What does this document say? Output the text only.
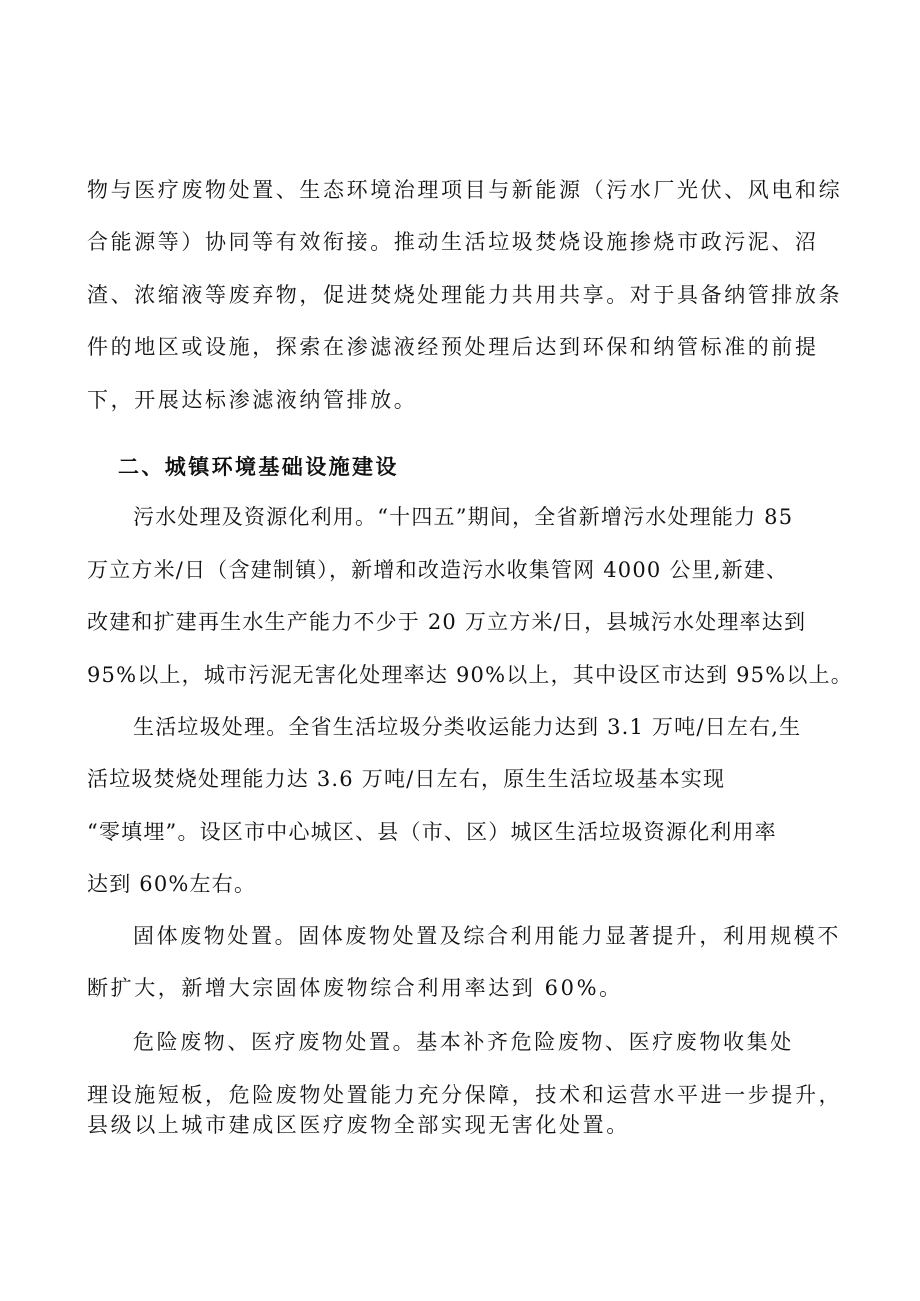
物与医疗废物处置、生态环境治理项目与新能源（污水厂光伏、风电和综
合能源等）协同等有效衔接。推动生活垃圾焚烧设施掺烧市政污泥、沼
渣、浓缩液等废弃物，促进焚烧处理能力共用共享。对于具备纳管排放条
件的地区或设施，探索在渗滤液经预处理后达到环保和纳管标准的前提
下，开展达标渗滤液纳管排放。
二、城镇环境基础设施建设
污水处理及资源化利用。“十四五”期间，全省新增污水处理能力 85
万立方米/日（含建制镇），新增和改造污水收集管网 4000 公里,新建、
改建和扩建再生水生产能力不少于 20 万立方米/日，县城污水处理率达到
95%以上，城市污泥无害化处理率达 90%以上，其中设区市达到 95%以上。
生活垃圾处理。全省生活垃圾分类收运能力达到 3.1 万吨/日左右,生
活垃圾焚烧处理能力达 3.6 万吨/日左右，原生生活垃圾基本实现
“零填埋”。设区市中心城区、县（市、区）城区生活垃圾资源化利用率
达到 60%左右。
固体废物处置。固体废物处置及综合利用能力显著提升，利用规模不
断扩大，新增大宗固体废物综合利用率达到 60%。
危险废物、医疗废物处置。基本补齐危险废物、医疗废物收集处
理设施短板，危险废物处置能力充分保障，技术和运营水平进一步提升，
县级以上城市建成区医疗废物全部实现无害化处置。
